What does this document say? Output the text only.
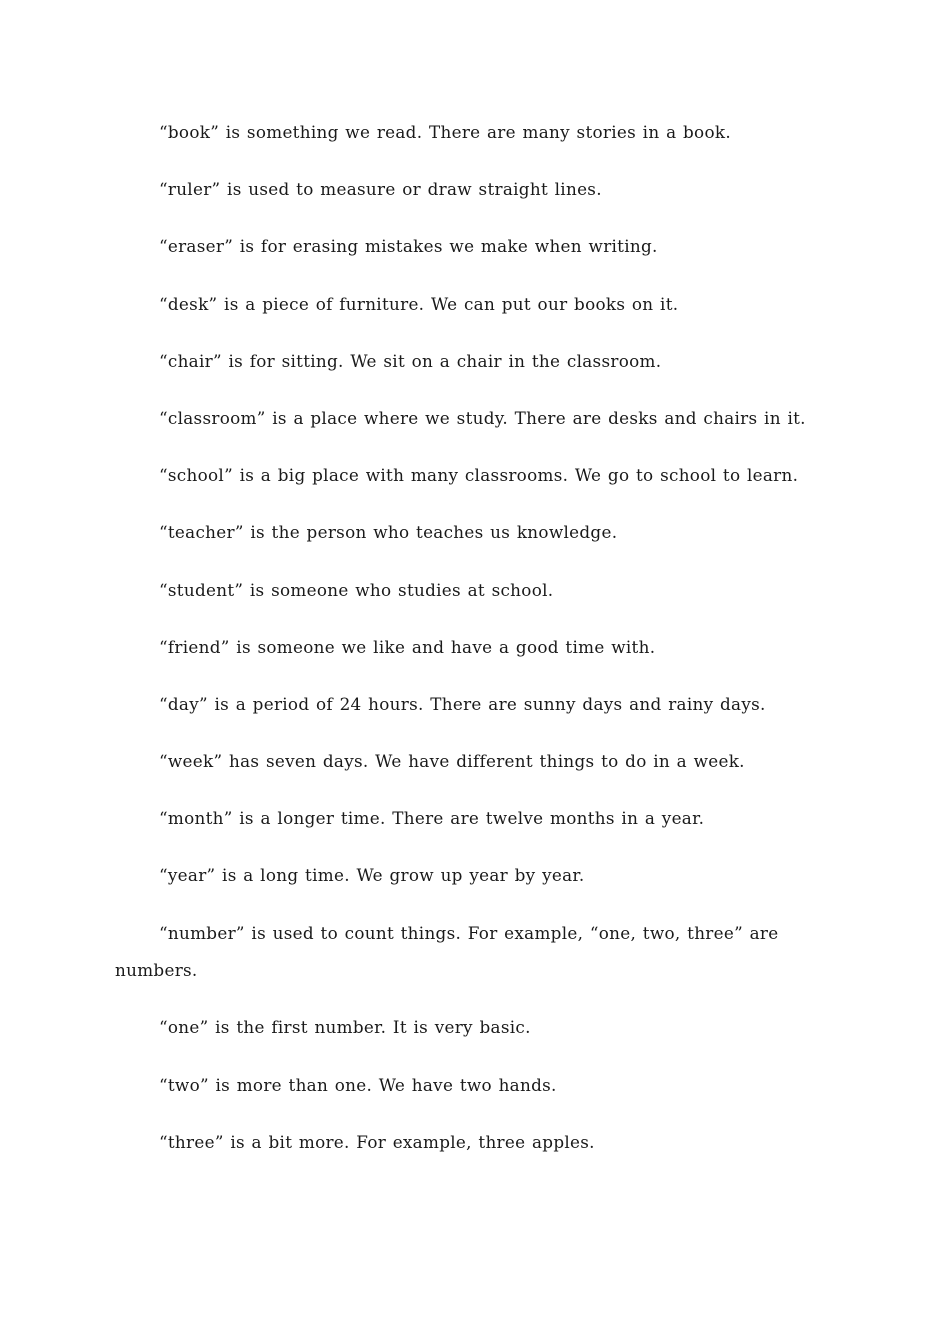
“book” is something we read. There are many stories in a book.

“ruler” is used to measure or draw straight lines.

“eraser” is for erasing mistakes we make when writing.

“desk” is a piece of furniture. We can put our books on it.

“chair” is for sitting. We sit on a chair in the classroom.

“classroom” is a place where we study. There are desks and chairs in it.

“school” is a big place with many classrooms. We go to school to learn.

“teacher” is the person who teaches us knowledge.

“student” is someone who studies at school.

“friend” is someone we like and have a good time with.

“day” is a period of 24 hours. There are sunny days and rainy days.

“week” has seven days. We have different things to do in a week.

“month” is a longer time. There are twelve months in a year.

“year” is a long time. We grow up year by year.

“number” is used to count things. For example, “one, two, three” are numbers.

“one” is the first number. It is very basic.

“two” is more than one. We have two hands.

“three” is a bit more. For example, three apples.
